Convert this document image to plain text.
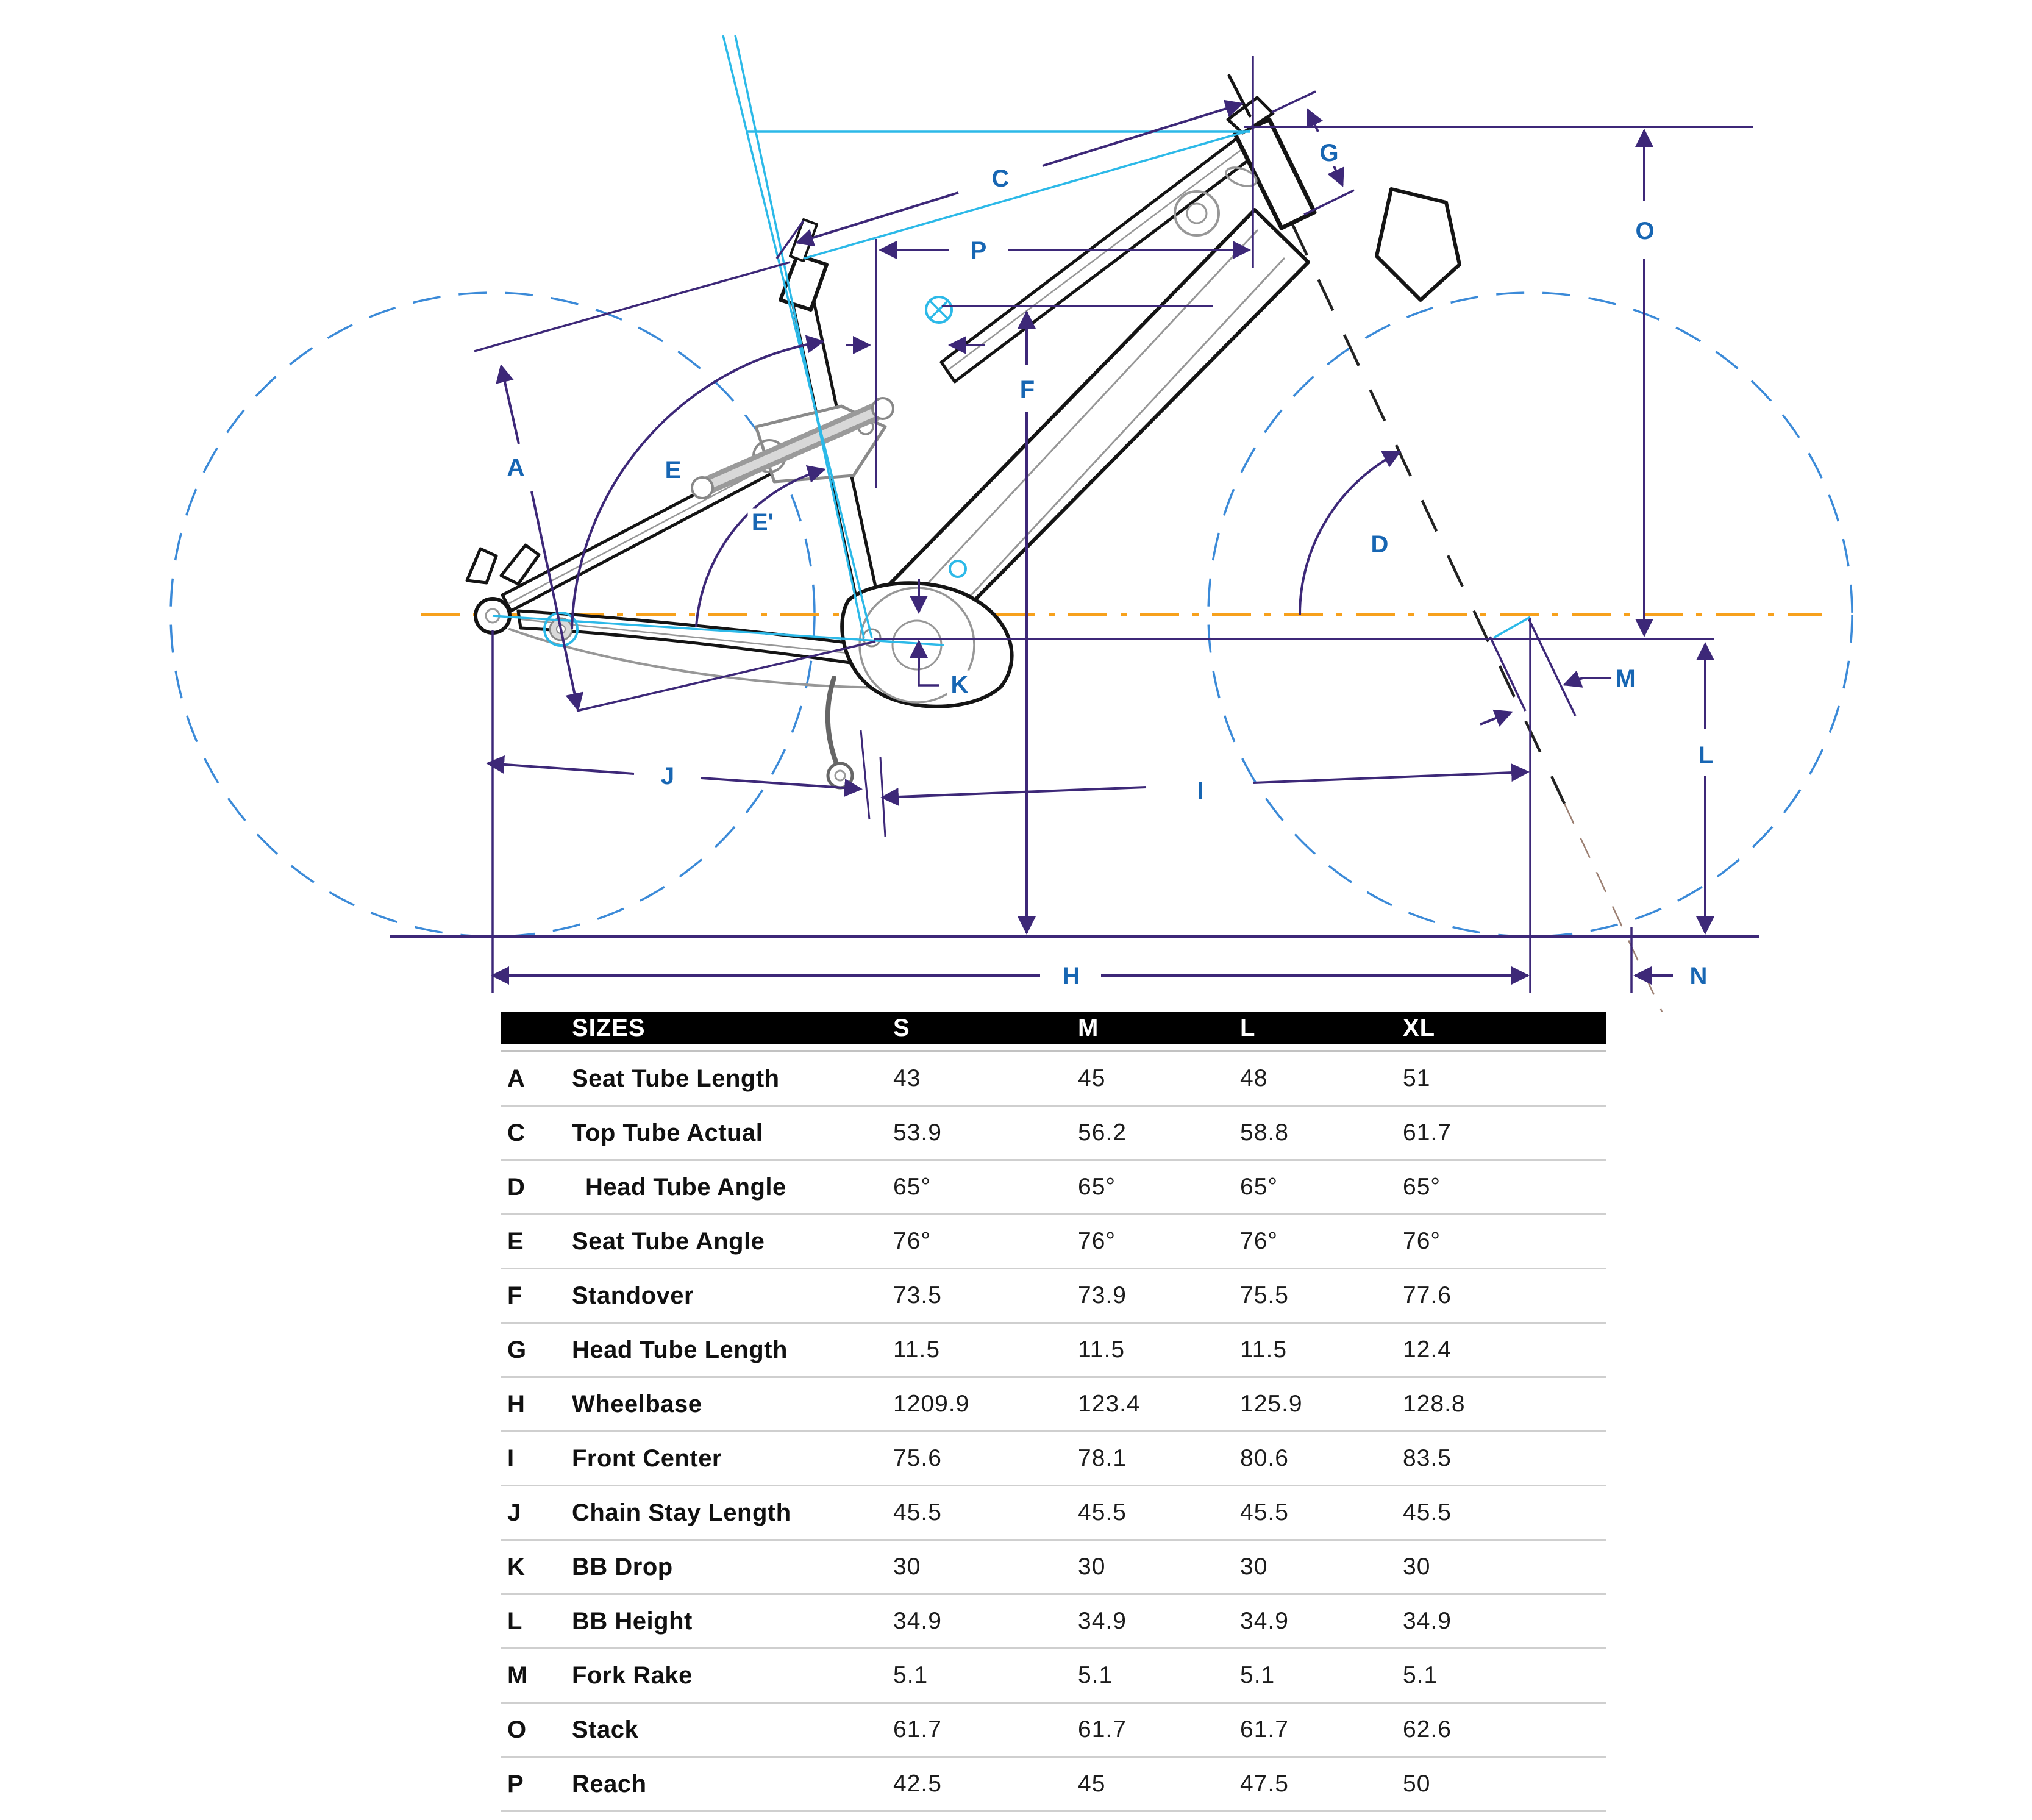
A
C
P
G
O
F
K
D
E
E'
M
L
J
I
H	N
SIZES	S	M	L	XL
A	Seat Tube Length	43	45	48	51
C	Top Tube Actual	53.9	56.2	58.8	61.7
D	Head Tube Angle	65°	65°	65°	65°
E	Seat Tube Angle	76°	76°	76°	76°
F	Standover	73.5	73.9	75.5	77.6
G	Head Tube Length	11.5	11.5	11.5	12.4
H	Wheelbase	1209.9	123.4	125.9	128.8
I	Front Center	75.6	78.1	80.6	83.5
J	Chain Stay Length	45.5	45.5	45.5	45.5
K	BB Drop	30	30	30	30
L	BB Height	34.9	34.9	34.9	34.9
M	Fork Rake	5.1	5.1	5.1	5.1
O	Stack	61.7	61.7	61.7	62.6
P	Reach	42.5	45	47.5	50
